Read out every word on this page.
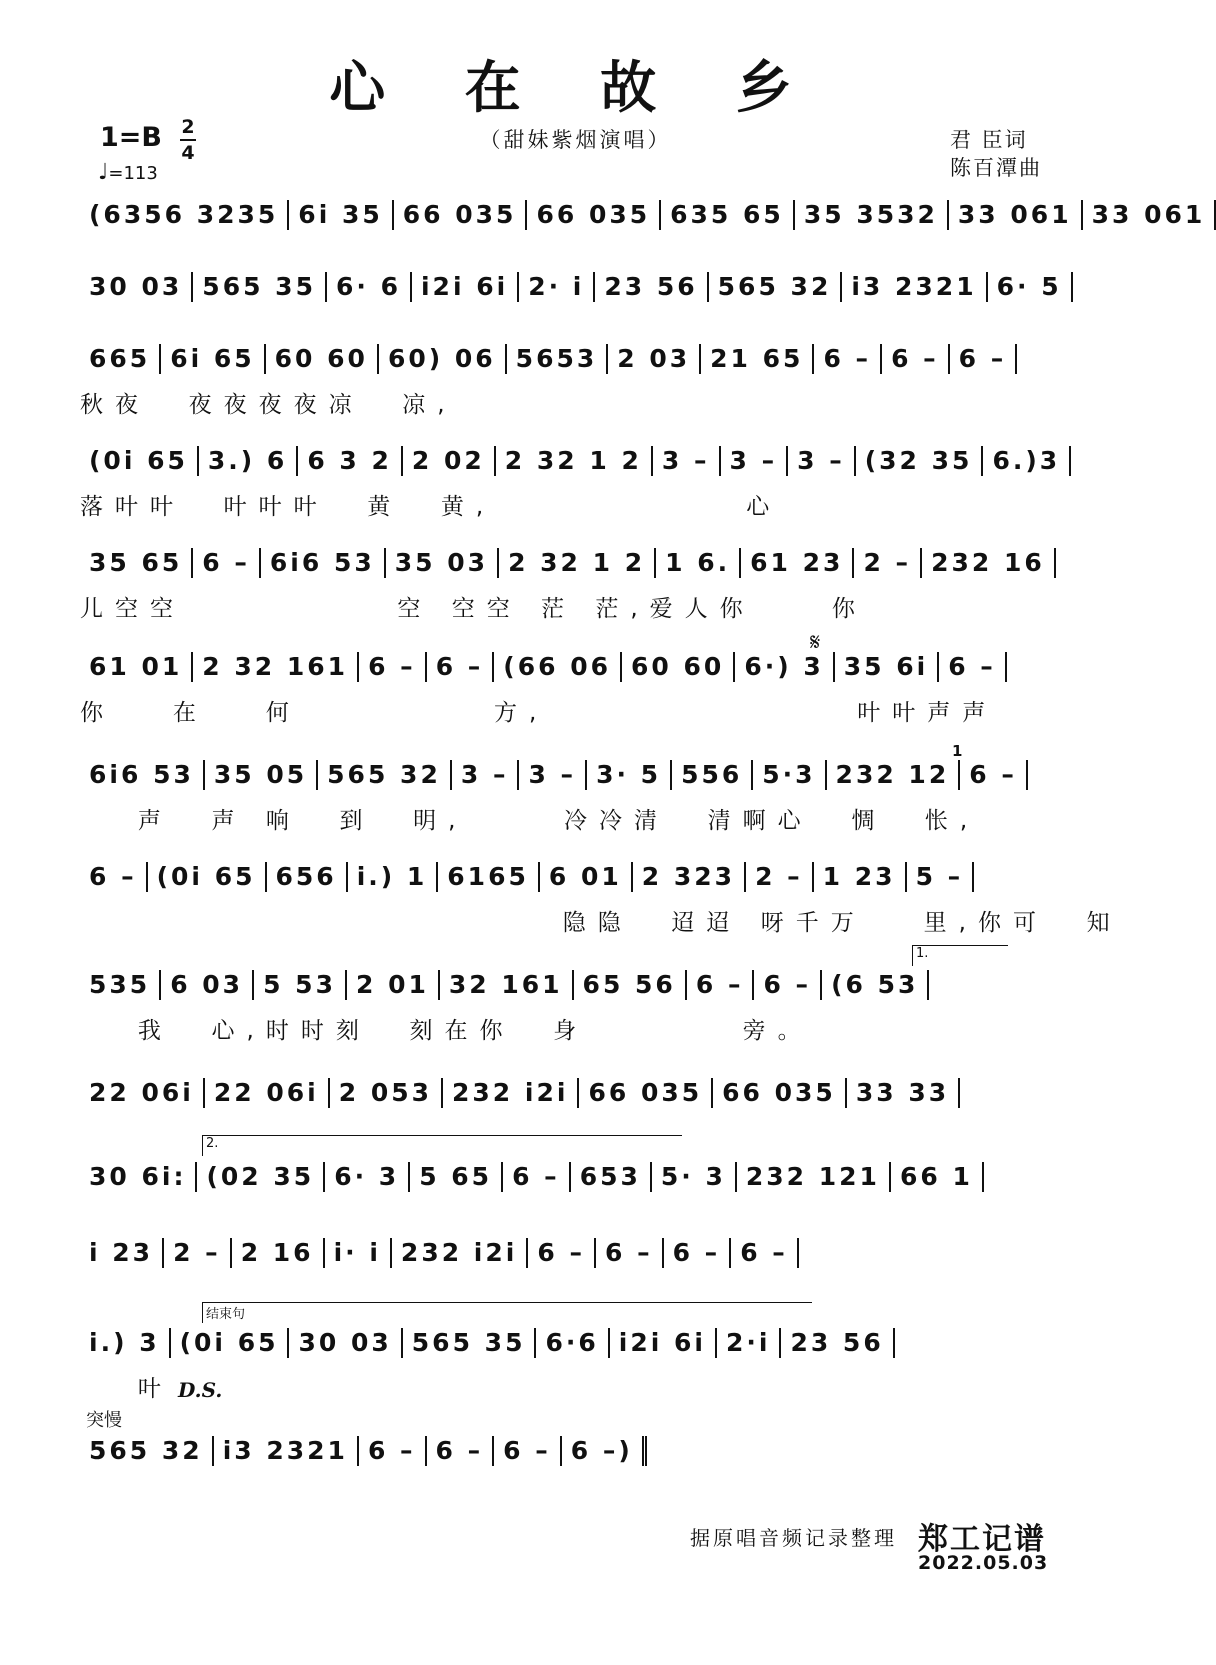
心 在 故 乡
1=B 2
4
♩=113
（甜妹紫烟演唱）	君 臣词
陈百潭曲
(6356 3235 6i 35 66 035 66 035 635 65 35 3532 33 061 33 061
30 03 565 35 6· 6 i2i 6i 2· i 23 56 565 32 i3 2321 6· 5
665 6i 65 60 60 60) 06 5653 2 03 21 65 6 – 6 – 6 –
秋夜  夜夜夜夜凉  凉,
(0i 65 3.) 6 6 3 2 2 02 2 32 1 2 3 – 3 – 3 – (32 35 6.)3
落叶叶  叶叶叶  黄  黄,             心
35 65 6 – 6i6 53 35 03 2 32 1 2 1 6. 61 23 2 – 232 16
儿空空           空 空空 茫 茫,爱人你    你
61 01 2 32 161 6 – 6 – (66 06 60 60 6·) 3 35 6i 6 –
你   在   何          方,                叶叶声声
6i6 53 35 05 565 32 3 – 3 – 3· 5 556 5·3 232 12 6 –
声  声 响  到  明,     冷冷清  清啊心  惆  怅,
6 – (0i 65 656 i.) 1 6165 6 01 2 323 2 – 1 23 5 –
隐隐  迢迢 呀千万   里,你可  知
535 6 03 5 53 2 01 32 161 65 56 6 – 6 – (6 53
我  心,时时刻  刻在你  身        旁。
22 06i 22 06i 2 053 232 i2i 66 035 66 035 33 33
30 6i: (02 35 6· 3 5 65 6 – 653 5· 3 232 121 66 1
i 23 2 – 2 16 i· i 232 i2i 6 – 6 – 6 – 6 –
i.) 3 (0i 65 30 03 565 35 6·6 i2i 6i 2·i 23 56
叶
565 32 i3 2321 6 – 6 – 6 – 6 –)
𝄋
1.
2.
结束句
1
D.S.
突慢
据原唱音频记录整理 郑工记谱
2022.05.03
